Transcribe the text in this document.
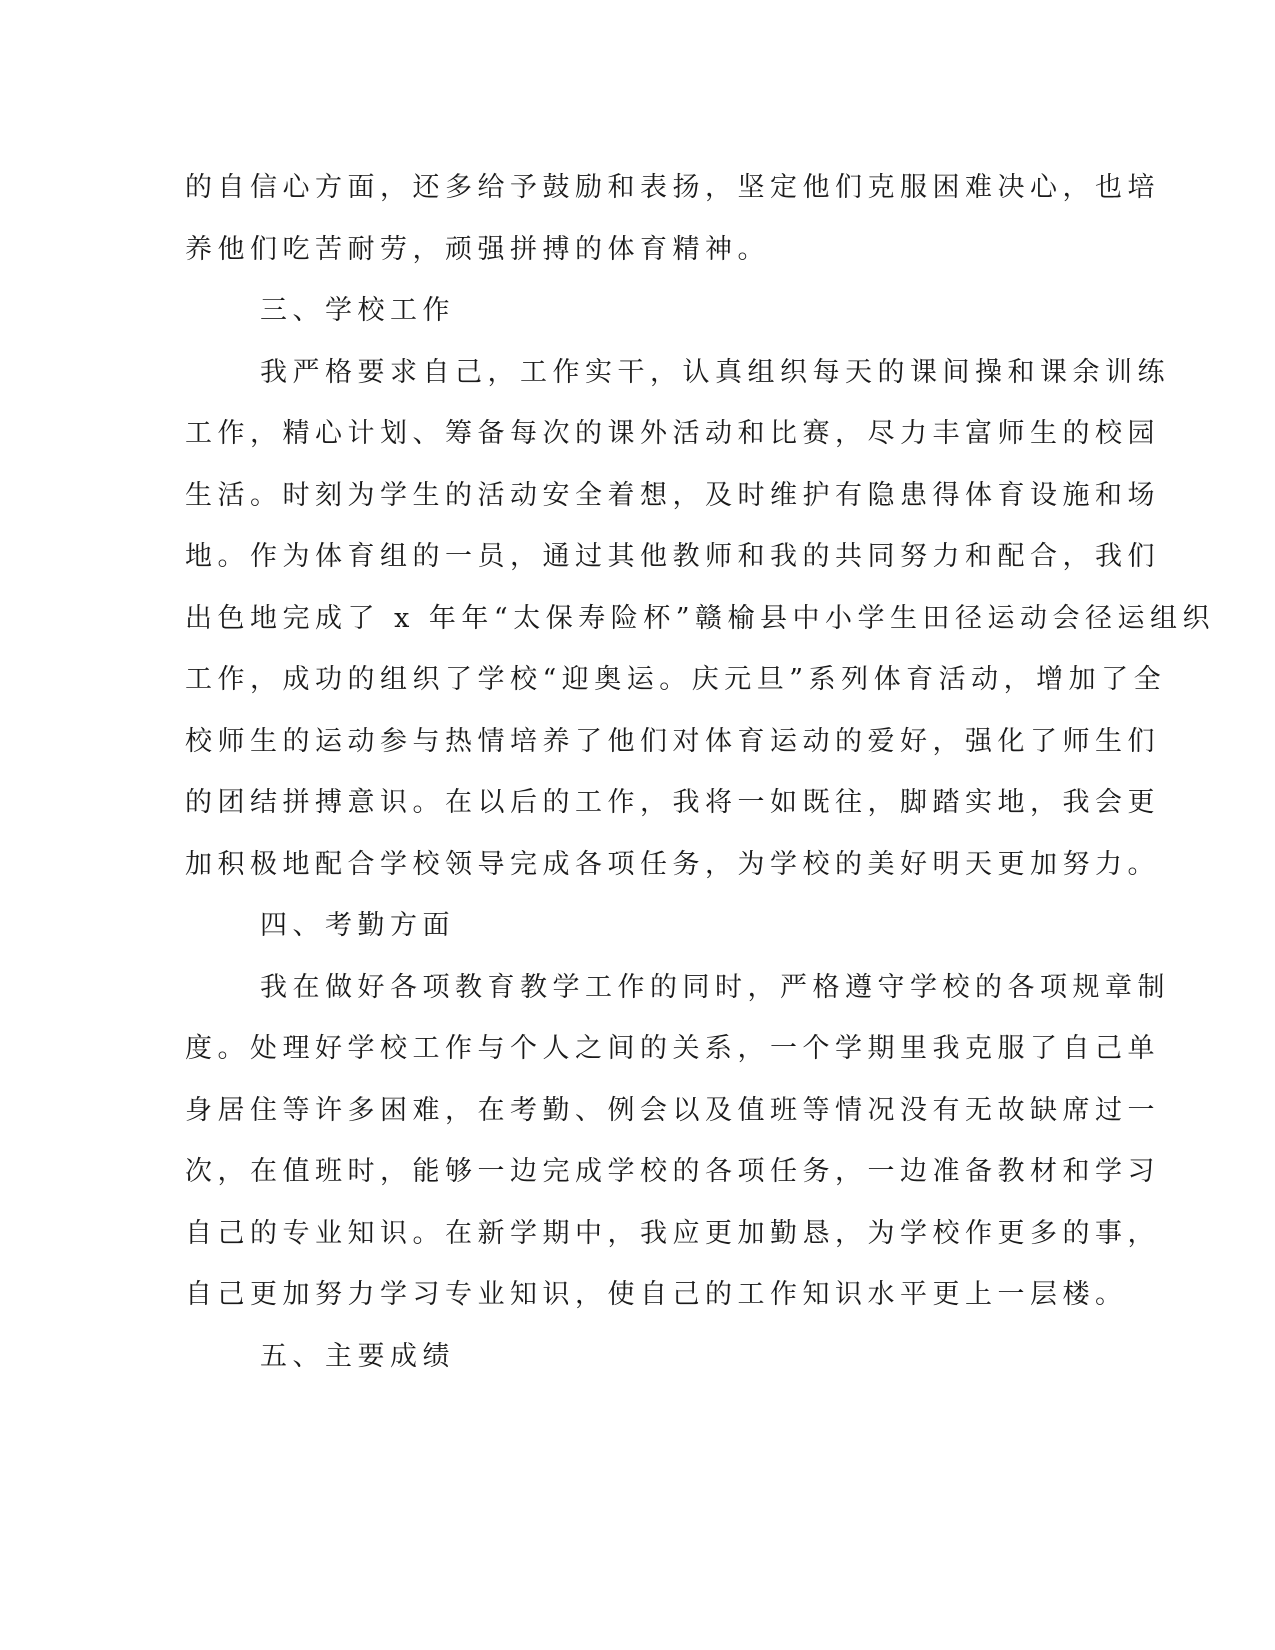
的自信心方面，还多给予鼓励和表扬，坚定他们克服困难决心，也培
养他们吃苦耐劳，顽强拼搏的体育精神。
三、学校工作
我严格要求自己，工作实干，认真组织每天的课间操和课余训练
工作，精心计划、筹备每次的课外活动和比赛，尽力丰富师生的校园
生活。时刻为学生的活动安全着想，及时维护有隐患得体育设施和场
地。作为体育组的一员，通过其他教师和我的共同努力和配合，我们
出色地完成了 x 年年“太保寿险杯”赣榆县中小学生田径运动会径运组织
工作，成功的组织了学校“迎奥运。庆元旦”系列体育活动，增加了全
校师生的运动参与热情培养了他们对体育运动的爱好，强化了师生们
的团结拼搏意识。在以后的工作，我将一如既往，脚踏实地，我会更
加积极地配合学校领导完成各项任务，为学校的美好明天更加努力。
四、考勤方面
我在做好各项教育教学工作的同时，严格遵守学校的各项规章制
度。处理好学校工作与个人之间的关系，一个学期里我克服了自己单
身居住等许多困难，在考勤、例会以及值班等情况没有无故缺席过一
次，在值班时，能够一边完成学校的各项任务，一边准备教材和学习
自己的专业知识。在新学期中，我应更加勤恳，为学校作更多的事，
自己更加努力学习专业知识，使自己的工作知识水平更上一层楼。
五、主要成绩
